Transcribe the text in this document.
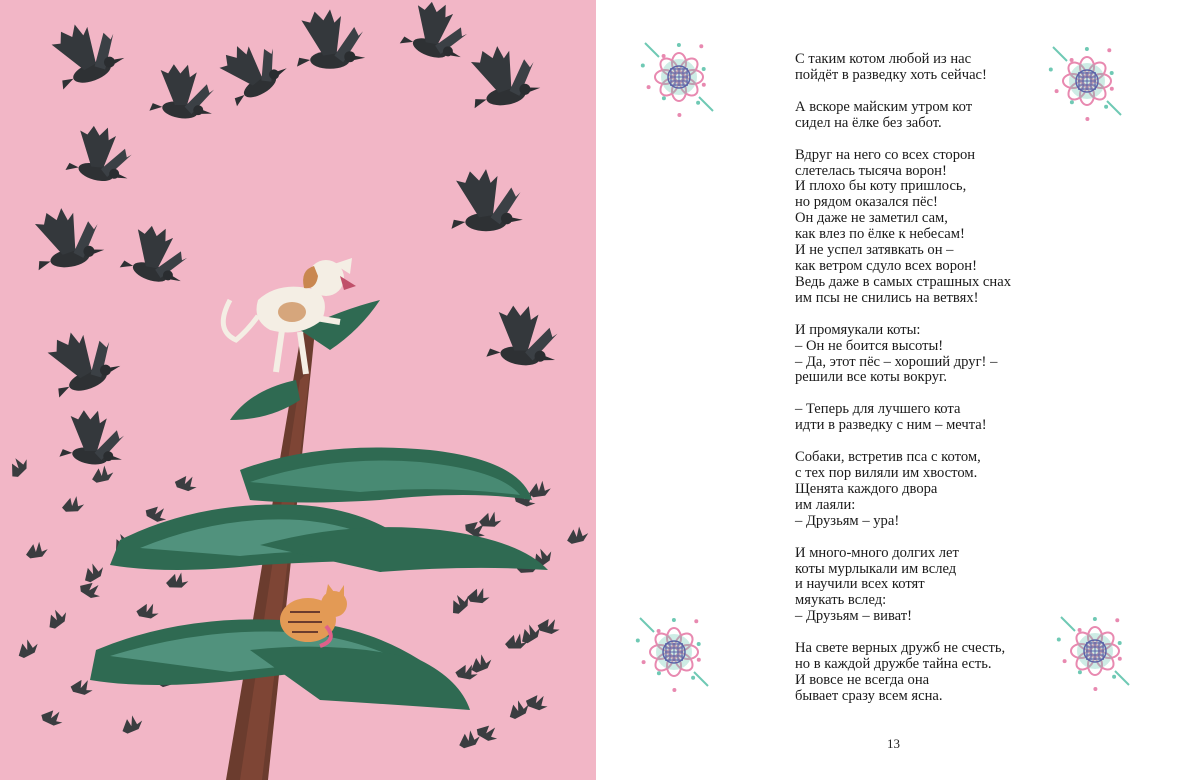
С таким котом любой из нас
пойдёт в разведку хоть сейчас!
А вскоре майским утром кот
сидел на ёлке без забот.
Вдруг на него со всех сторон
слетелась тысяча ворон!
И плохо бы коту пришлось,
но рядом оказался пёс!
Он даже не заметил сам,
как влез по ёлке к небесам!
И не успел затявкать он –
как ветром сдуло всех ворон!
Ведь даже в самых страшных снах
им псы не снились на ветвях!
И промяукали коты:
– Он не боится высоты!
– Да, этот пёс – хороший друг! –
решили все коты вокруг.
– Теперь для лучшего кота
идти в разведку с ним – мечта!
Собаки, встретив пса с котом,
с тех пор виляли им хвостом.
Щенята каждого двора
им лаяли:
– Друзьям – ура!
И много-много долгих лет
коты мурлыкали им вслед
и научили всех котят
мяукать вслед:
– Друзьям – виват!
На свете верных дружб не счесть,
но в каждой дружбе тайна есть.
И вовсе не всегда она
бывает сразу всем ясна.
13
